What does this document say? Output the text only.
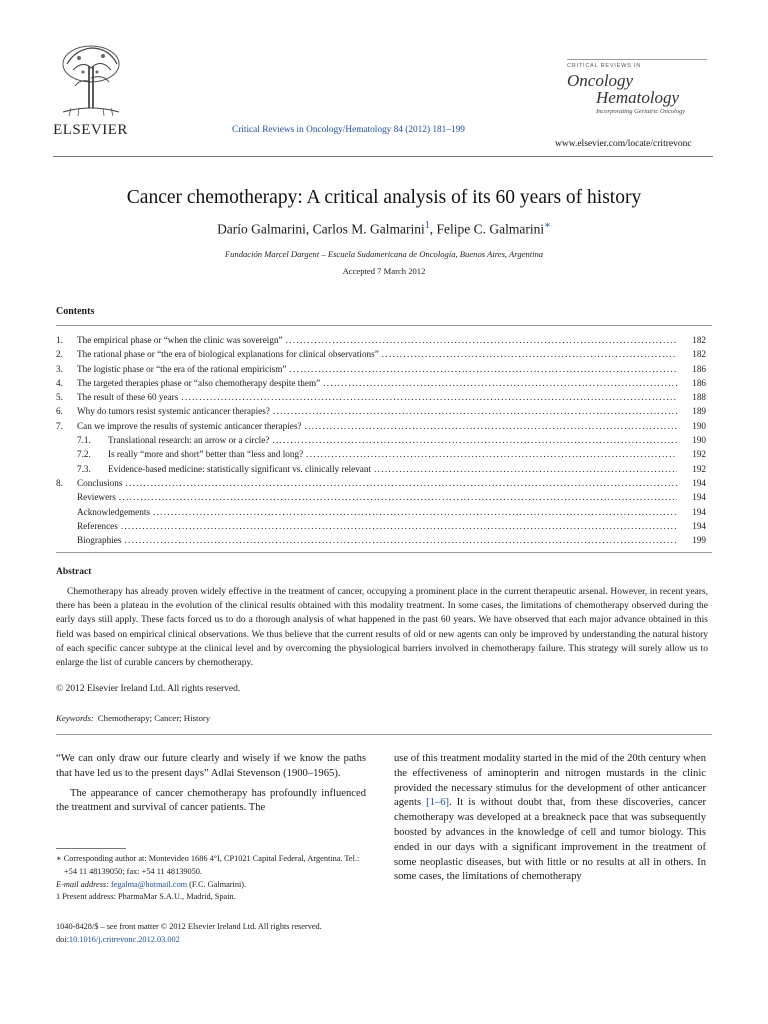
ELSEVIER	Critical Reviews in Oncology/Hematology 84 (2012) 181–199
CRITICAL REVIEWS IN
Oncology
Hematology
Incorporating Geriatric Oncology
www.elsevier.com/locate/critrevonc
Cancer chemotherapy: A critical analysis of its 60 years of history
Darío Galmarini, Carlos M. Galmarini$^1$, Felipe C. Galmarini∗
Fundación Marcel Dargent – Escuela Sudamericana de Oncología, Buenos Aires, Argentina
Accepted 7 March 2012
Contents
1.	The empirical phase or “when the clinic was sovereign” . . .	182
2.	The rational phase or “the era of biological explanations for clinical observations” . . .	182
3.	The logistic phase or “the era of the rational empiricism” . . .	186
4.	The targeted therapies phase or “also chemotherapy despite them” . . .	186
5.	The result of these 60 years . . .	188
6.	Why do tumors resist systemic anticancer therapies? . . .	189
7.	Can we improve the results of systemic anticancer therapies? . . .	190
7.1.	Translational research: an arrow or a circle? . . .	190
7.2.	Is really “more and short” better than “less and long? . . .	192
7.3.	Evidence-based medicine: statistically significant vs. clinically relevant . . .	192
8.	Conclusions . . .	194
Reviewers . . .	194
Acknowledgements . . .	194
References . . .	194
Biographies . . .	199
Abstract
Chemotherapy has already proven widely effective in the treatment of cancer, occupying a prominent place in the current therapeutic arsenal. However, in recent years, there has been a plateau in the evolution of the clinical results obtained with this modality treatment. In some cases, the limitations of chemotherapy observed during the early days still apply. These facts forced us to do a thorough analysis of what happened in the past 60 years. We have observed that each major advance obtained in this field was based on empirical clinical observations. We thus believe that the current results of old or new agents can only be improved by understanding the natural history of each specific cancer subtype at the clinical level and by overcoming the physiological barriers involved in chemotherapy failure. This strategy will surely allow us to enlarge the list of curable cancers by chemotherapy.
© 2012 Elsevier Ireland Ltd. All rights reserved.
Keywords: Chemotherapy; Cancer; History

“We can only draw our future clearly and wisely if we know the paths that have led us to the present days” Adlai Stevenson (1900–1965).

The appearance of cancer chemotherapy has profoundly influenced the treatment and survival of cancer patients. The

∗ Corresponding author at: Montevideo 1686 4°I, CP1021 Capital Federal, Argentina. Tel.: +54 11 48139050; fax: +54 11 48139050.
E-mail address: fegalma@hotmail.com (F.C. Galmarini).
1 Present address: PharmaMar S.A.U., Madrid, Spain.
1040-8428/$ – see front matter © 2012 Elsevier Ireland Ltd. All rights reserved.
doi:10.1016/j.critrevonc.2012.03.002

use of this treatment modality started in the mid of the 20th century when the effectiveness of aminopterin and nitrogen mustards in the clinic provided the necessary stimulus for the development of other anticancer agents [1–6]. It is without doubt that, from these discoveries, cancer chemotherapy was developed at a breakneck pace that was subsequently boosted by advances in the knowledge of cell and tumor biology. This ended in our days with a significant improvement in the treatment of some neoplastic diseases, but with little or no results at all in others. In some cases, the limitations of chemotherapy
